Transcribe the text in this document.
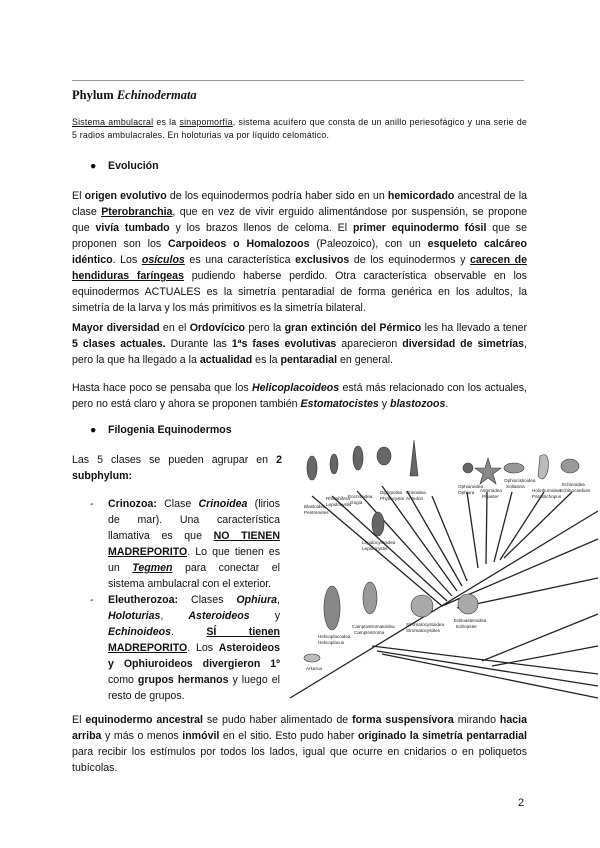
Phylum Echinodermata
Sistema ambulacral es la sinapomorfía, sistema acuífero que consta de un anillo periesofágico y una serie de 5 radios ambulacrales. En holoturias va por líquido celomático.
● Evolución
El origen evolutivo de los equinodermos podría haber sido en un hemicordado ancestral de la clase Pterobranchia, que en vez de vivir erguido alimentándose por suspensión, se propone que vivía tumbado y los brazos llenos de celoma. El primer equinodermo fósil que se proponen son los Carpoideos o Homalozoos (Paleozoico), con un esqueleto calcáreo idéntico. Los osículos es una característica exclusivos de los equinodermos y carecen de hendiduras faríngeas pudiendo haberse perdido. Otra característica observable en los equinodermos ACTUALES es la simetría pentaradial de forma genérica en los adultos, la simetría de la larva y los más primitivos es la simetría bilateral.
Mayor diversidad en el Ordovícico pero la gran extinción del Pérmico les ha llevado a tener 5 clases actuales. Durante las 1ªs fases evolutivas aparecieron diversidad de simetrías, pero la que ha llegado a la actualidad es la pentaradial en general.
Hasta hace poco se pensaba que los Helicoplacoideos está más relacionado con los actuales, pero no está claro y ahora se proponen también Estomatocistes y blastozoos.
● Filogenia Equinodermos
Las 5 clases se pueden agrupar en 2 subphylum:
- Crinozoa: Clase Crinoidea (lirios de mar). Una característica llamativa es que NO TIENEN MADREPORITO. Lo que tienen es un Tegmen para conectar el sistema ambulacral con el exterior.
- Eleutherozoa: Clases Ophiura, Holoturias, Asteroideos y Echinoideos. SÍ tienen MADREPORITO. Los Asteroideos y Ophiuroideos divergieron 1º como grupos hermanos y luego el resto de grupos.
Blastoidea
Pentremites
Rhombifera
Lepidocystis
Eocrinoidea
Gogia
Diploporita
Phyllocystis
Crinoidea
Antedon
Lepidocystoidea
Lepidocystis
Helicoplacoidea
Helicoplacus
Camptostromatoidea
Camptostroma
Stromatocystoidea
Stromatocystites
Edrioasteroidea
Edrioaster
Arkarua
Ophiuroidea
Ophiura Asteroidea
Pisaster
Ophiocistioidea
Sollasina
Holothuroidea
Parastichopus
Echinoidea
Echinocardium
El equinodermo ancestral se pudo haber alimentado de forma suspensívora mirando hacia arriba y más o menos inmóvil en el sitio. Esto pudo haber originado la simetría pentarradial para recibir los estímulos por todos los lados, igual que ocurre en cnidarios o en poliquetos tubícolas.
2
